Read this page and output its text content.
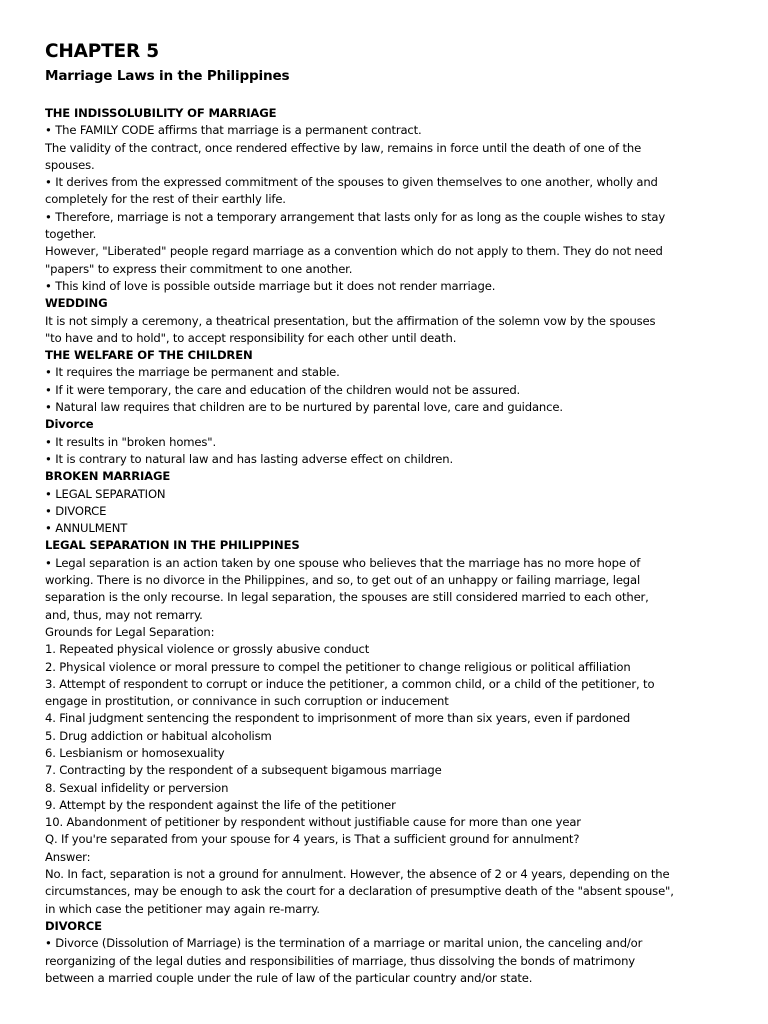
CHAPTER 5
Marriage Laws in the Philippines
THE INDISSOLUBILITY OF MARRIAGE
• The FAMILY CODE affirms that marriage is a permanent contract.
The validity of the contract, once rendered effective by law, remains in force until the death of one of the
spouses.
• It derives from the expressed commitment of the spouses to given themselves to one another, wholly and
completely for the rest of their earthly life.
• Therefore, marriage is not a temporary arrangement that lasts only for as long as the couple wishes to stay
together.
However, "Liberated" people regard marriage as a convention which do not apply to them. They do not need
"papers" to express their commitment to one another.
• This kind of love is possible outside marriage but it does not render marriage.
WEDDING
It is not simply a ceremony, a theatrical presentation, but the affirmation of the solemn vow by the spouses
"to have and to hold", to accept responsibility for each other until death.
THE WELFARE OF THE CHILDREN
• It requires the marriage be permanent and stable.
• If it were temporary, the care and education of the children would not be assured.
• Natural law requires that children are to be nurtured by parental love, care and guidance.
Divorce
• It results in "broken homes".
• It is contrary to natural law and has lasting adverse effect on children.
BROKEN MARRIAGE
• LEGAL SEPARATION
• DIVORCE
• ANNULMENT
LEGAL SEPARATION IN THE PHILIPPINES
• Legal separation is an action taken by one spouse who believes that the marriage has no more hope of
working. There is no divorce in the Philippines, and so, to get out of an unhappy or failing marriage, legal
separation is the only recourse. In legal separation, the spouses are still considered married to each other,
and, thus, may not remarry.
Grounds for Legal Separation:
1. Repeated physical violence or grossly abusive conduct
2. Physical violence or moral pressure to compel the petitioner to change religious or political affiliation
3. Attempt of respondent to corrupt or induce the petitioner, a common child, or a child of the petitioner, to
engage in prostitution, or connivance in such corruption or inducement
4. Final judgment sentencing the respondent to imprisonment of more than six years, even if pardoned
5. Drug addiction or habitual alcoholism
6. Lesbianism or homosexuality
7. Contracting by the respondent of a subsequent bigamous marriage
8. Sexual infidelity or perversion
9. Attempt by the respondent against the life of the petitioner
10. Abandonment of petitioner by respondent without justifiable cause for more than one year
Q. If you're separated from your spouse for 4 years, is That a sufficient ground for annulment?
Answer:
No. In fact, separation is not a ground for annulment. However, the absence of 2 or 4 years, depending on the
circumstances, may be enough to ask the court for a declaration of presumptive death of the "absent spouse",
in which case the petitioner may again re-marry.
DIVORCE
• Divorce (Dissolution of Marriage) is the termination of a marriage or marital union, the canceling and/or
reorganizing of the legal duties and responsibilities of marriage, thus dissolving the bonds of matrimony
between a married couple under the rule of law of the particular country and/or state.
